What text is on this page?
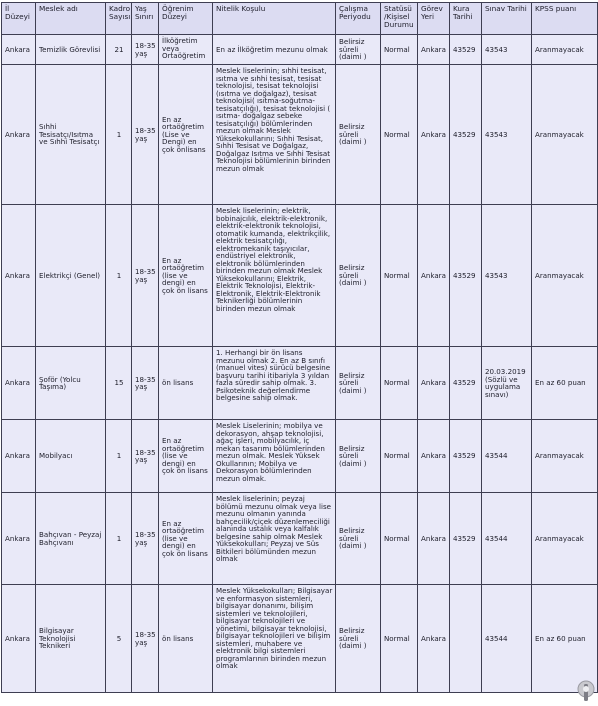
İl Düzeyi	Meslek adı	Kadro Sayısı	Yaş Sınırı	Öğrenim Düzeyi	Nitelik Koşulu	Çalışma Periyodu	Statüsü /Kişisel Durumu	Görev Yeri	Kura Tarihi	Sınav Tarihi	KPSS puanı
Ankara	Temizlik Görevlisi	21	18-35 yaş	İlköğretim veya Ortaöğretim	En az İlköğretim mezunu olmak	Belirsiz süreli (daimi )	Normal	Ankara	43529	43543	Aranmayacak
Ankara	Sıhhi Tesisatçı/Isıtma ve Sıhhi Tesisatçı	1	18-35 yaş	En az ortaöğretim (Lise ve Dengi) en çok önlisans	Meslek liselerinin; sıhhi tesisat, ısıtma ve sıhhi tesisat, tesisat teknolojisi, tesisat teknolojisi (ısıtma ve doğalgaz), tesisat teknolojisi( ısıtma-soğutma- tesisatçılığı), tesisat teknolojisi ( ısıtma- doğalgaz sebeke tesisatçılığı) bölümlerinden mezun olmak Meslek Yüksekokullarını; Sıhhi Tesisat, Sıhhi Tesisat ve Doğalgaz, Doğalgaz Isıtma ve Sıhhi Tesisat Teknolojisi bölümlerinin birinden mezun olmak	Belirsiz süreli (daimi )	Normal	Ankara	43529	43543	Aranmayacak
Ankara	Elektrikçi (Genel)	1	18-35 yaş	En az ortaöğretim (lise ve dengi) en çok ön lisans	Meslek liselerinin; elektrik, bobinajcılık, elektrik-elektronik, elektrik-elektronik teknolojisi, otomatik kumanda, elektrikçilik, elektrik tesisatçılığı, elektromekanik taşıyıcılar, endüstriyel elektronik, elektronik bölümlerinden birinden mezun olmak Meslek Yüksekokullarını; Elektrik, Elektrik Teknolojisi, Elektrik-Elektronik, Elektrik-Elektronik Teknikerliği bölümlerinin birinden mezun olmak	Belirsiz süreli (daimi )	Normal	Ankara	43529	43543	Aranmayacak
Ankara	Şoför (Yolcu Taşıma)	15	18-35 yaş	ön lisans	1. Herhangi bir ön lisans mezunu olmak 2. En az B sınıfı (manuel vites) sürücü belgesine başvuru tarihi itibariyla 3 yıldan fazla süredir sahip olmak. 3. Psikoteknik değerlendirme belgesine sahip olmak.	Belirsiz süreli (daimi )	Normal	Ankara	43529	20.03.2019 (Sözlü ve uygulama sınavı)	En az 60 puan
Ankara	Mobilyacı	1	18-35 yaş	En az ortaöğretim (lise ve dengi) en çok ön lisans	Meslek Liselerinin; mobilya ve dekorasyon, ahşap teknolojisi, ağaç işleri, mobilyacılık, iç mekan tasarımı bölümlerinden mezun olmak. Meslek Yüksek Okullarının; Mobilya ve Dekorasyon bölümlerinden mezun olmak.	Belirsiz süreli (daimi )	Normal	Ankara	43529	43544	Aranmayacak
Ankara	Bahçıvan - Peyzaj Bahçıvanı	1	18-35 yaş	En az ortaöğretim (lise ve dengi) en çok ön lisans	Meslek liselerinin; peyzaj bölümü mezunu olmak veya lise mezunu olmanın yanında bahçecilik/çiçek düzenlemeciliği alanında ustalık veya kalfalık belgesine sahip olmak Meslek Yüksekokulları; Peyzaj ve Süs Bitkileri bölümünden mezun olmak	Belirsiz süreli (daimi )	Normal	Ankara	43529	43544	Aranmayacak
Ankara	Bilgisayar Teknolojisi Teknikeri	5	18-35 yaş	ön lisans	Meslek Yüksekokulları; Bilgisayar ve enformasyon sistemleri, bilgisayar donanımı, bilişim sistemleri ve teknolojileri, bilgisayar teknolojileri ve yönetimi, bilgisayar teknolojisi, bilgisayar teknolojileri ve bilişim sistemleri, muhabere ve elektronik bilgi sistemleri programlarının birinden mezun olmak	Belirsiz süreli (daimi )	Normal	Ankara		43544	En az 60 puan
